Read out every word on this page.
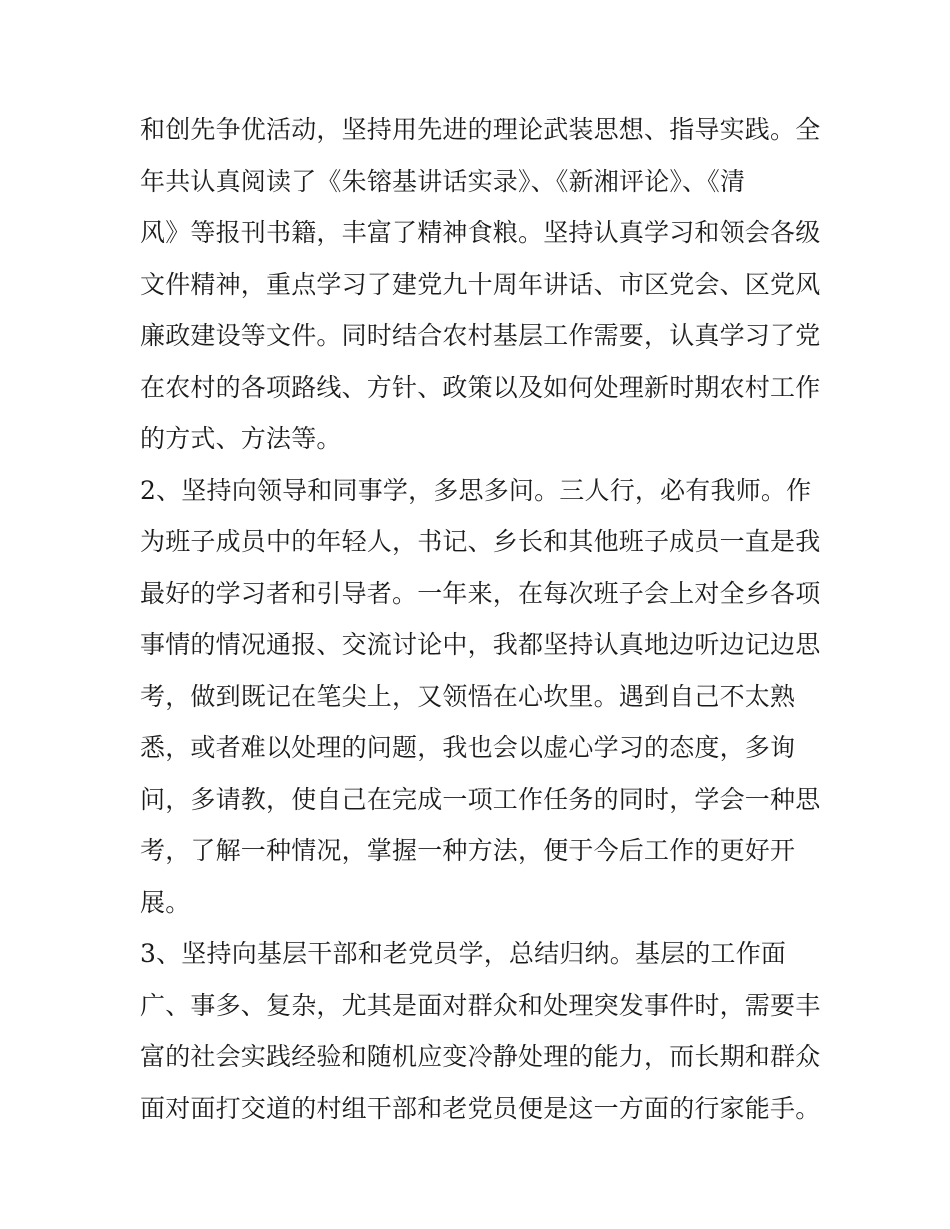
和创先争优活动，坚持用先进的理论武装思想、指导实践。全
年共认真阅读了《朱镕基讲话实录》、《新湘评论》、《清
风》等报刊书籍，丰富了精神食粮。坚持认真学习和领会各级
文件精神，重点学习了建党九十周年讲话、市区党会、区党风
廉政建设等文件。同时结合农村基层工作需要，认真学习了党
在农村的各项路线、方针、政策以及如何处理新时期农村工作
的方式、方法等。
2、坚持向领导和同事学，多思多问。三人行，必有我师。作
为班子成员中的年轻人，书记、乡长和其他班子成员一直是我
最好的学习者和引导者。一年来，在每次班子会上对全乡各项
事情的情况通报、交流讨论中，我都坚持认真地边听边记边思
考，做到既记在笔尖上，又领悟在心坎里。遇到自己不太熟
悉，或者难以处理的问题，我也会以虚心学习的态度，多询
问，多请教，使自己在完成一项工作任务的同时，学会一种思
考，了解一种情况，掌握一种方法，便于今后工作的更好开
展。
3、坚持向基层干部和老党员学，总结归纳。基层的工作面
广、事多、复杂，尤其是面对群众和处理突发事件时，需要丰
富的社会实践经验和随机应变冷静处理的能力，而长期和群众
面对面打交道的村组干部和老党员便是这一方面的行家能手。
